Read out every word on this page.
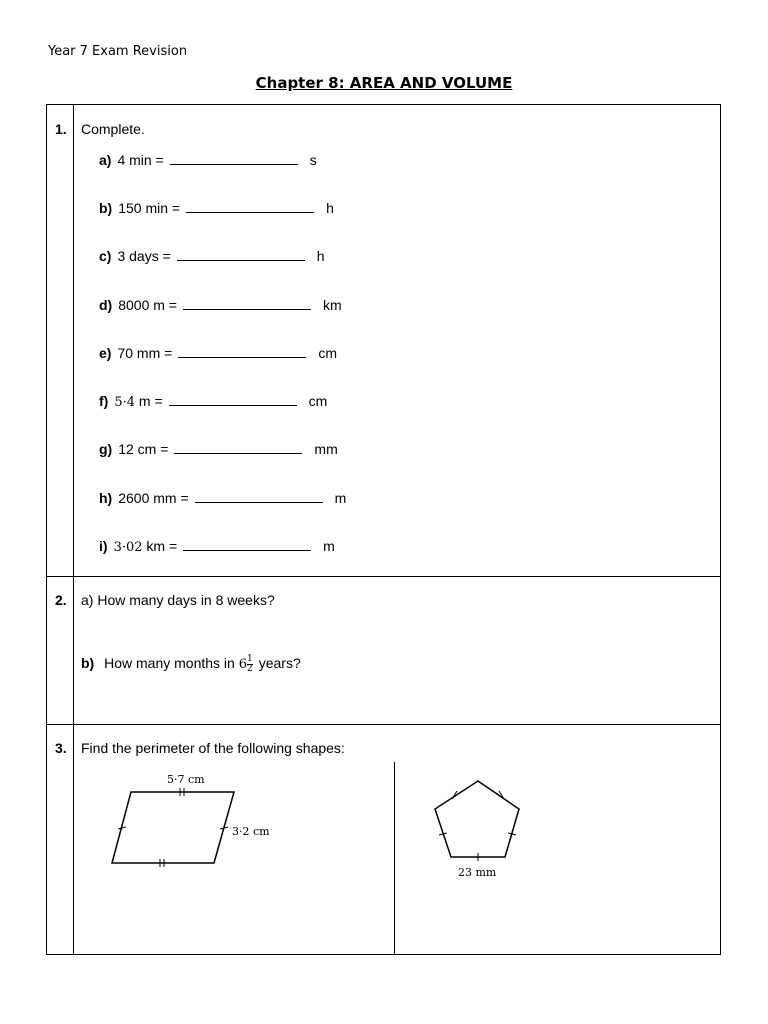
Year 7 Exam Revision
Chapter 8: AREA AND VOLUME
1. Complete.
a) 4 min =	s
b) 150 min =	h
c) 3 days =	h
d) 8000 m =	km
e) 70 mm =	cm
f) 5·4 m =	cm
g) 12 cm =	mm
h) 2600 mm =	m
i) 3·02 km =	m
2. a) How many days in 8 weeks?
b) How many months in $6 \frac{1}{2}$ years?
3. Find the perimeter of the following shapes:
5·7 cm
3·2 cm
23 mm
